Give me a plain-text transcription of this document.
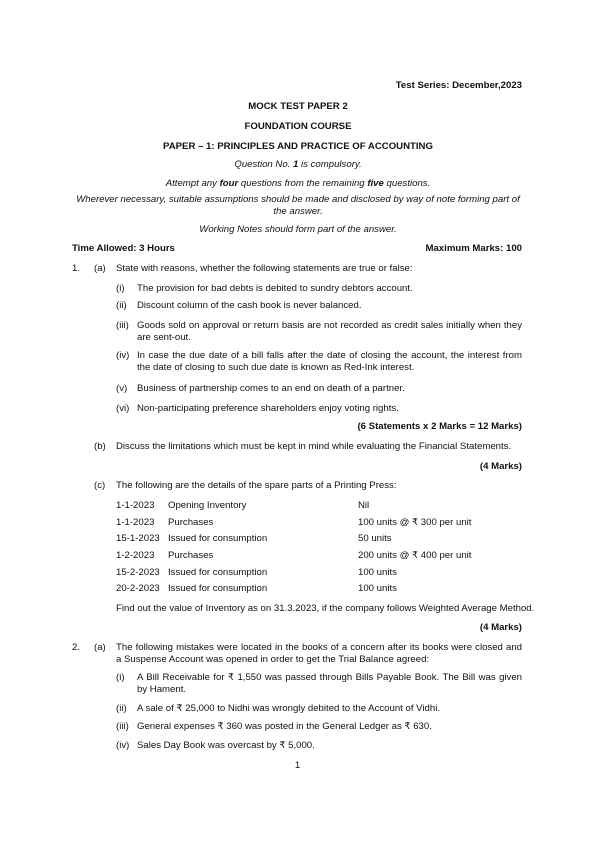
Test Series: December,2023
MOCK TEST PAPER 2
FOUNDATION COURSE
PAPER – 1: PRINCIPLES AND PRACTICE OF ACCOUNTING
Question No. 1 is compulsory.
Attempt any four questions from the remaining five questions.
Wherever necessary, suitable assumptions should be made and disclosed by way of note forming part of the answer.
Working Notes should form part of the answer.
Time Allowed: 3 Hours	Maximum Marks: 100
1. (a) State with reasons, whether the following statements are true or false:
(i) The provision for bad debts is debited to sundry debtors account.
(ii) Discount column of the cash book is never balanced.
(iii) Goods sold on approval or return basis are not recorded as credit sales initially when they are sent-out.
(iv) In case the due date of a bill falls after the date of closing the account, the interest from the date of closing to such due date is known as Red-Ink interest.
(v) Business of partnership comes to an end on death of a partner.
(vi) Non-participating preference shareholders enjoy voting rights.
(6 Statements x 2 Marks = 12 Marks)
(b) Discuss the limitations which must be kept in mind while evaluating the Financial Statements.
(4 Marks)
(c) The following are the details of the spare parts of a Printing Press:
1-1-2023 Opening Inventory	Nil
1-1-2023 Purchases	100 units @ ₹ 300 per unit
15-1-2023 Issued for consumption	50 units
1-2-2023 Purchases	200 units @ ₹ 400 per unit
15-2-2023 Issued for consumption	100 units
20-2-2023 Issued for consumption	100 units
Find out the value of Inventory as on 31.3.2023, if the company follows Weighted Average Method.
(4 Marks)
2. (a) The following mistakes were located in the books of a concern after its books were closed and a Suspense Account was opened in order to get the Trial Balance agreed:
(i) A Bill Receivable for ₹ 1,550 was passed through Bills Payable Book. The Bill was given by Hament.
(ii) A sale of ₹ 25,000 to Nidhi was wrongly debited to the Account of Vidhi.
(iii) General expenses ₹ 360 was posted in the General Ledger as ₹ 630.
(iv) Sales Day Book was overcast by ₹ 5,000.
1
